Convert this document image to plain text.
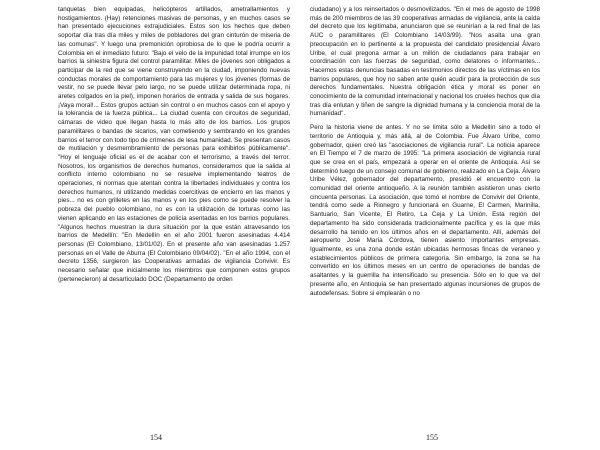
tanquetas bien equipadas, helicópteros artillados, ametrallamientos y hostigamientos. (Hay) retenciones masivas de personas, y en muchos casos se han presentado ejecuciones extrajudiciales. Estos son los hechos que deben soportar día tras día miles y miles de pobladores del gran cinturón de miseria de las comunas". Y luego una premonición oprobiosa de lo que le podría ocurrir a Colombia en el inmediato futuro: "Bajo el velo de la impunidad total irrumpe en los barrios la siniestra figura del control paramilitar. Miles de jóvenes son obligados a participar de la red que se viene construyendo en la ciudad, imponiendo nuevas conductas morales de comportamiento para las mujeres y los jóvenes (formas de vestir, no se puede llevar pelo largo, no se puede utilizar determinada ropa, ni aretes colgados en la piel), imponen horarios de entrada y salida de sus hogares. ¡Vaya moral!... Estos grupos actúan sin control o en muchos casos con el apoyo y la tolerancia de la fuerza pública... La ciudad cuenta con circuitos de seguridad, cámaras de video que llegan hasta lo más alto de los barrios. Los grupos paramilitares o bandas de sicarios, van cometiendo y sembrando en los grandes barrios el terror con todo tipo de crímenes de lesa humanidad. Se presentan casos de mutilación y desmembramiento de personas para exhibirlos públicamente". "Hoy el lenguaje oficial es el de acabar con el terrorismo, a través del terror. Nosotros, los organismos de derechos humanos, consideramos que la salida al conflicto interno colombiano no se resuelve implementando teatros de operaciones, ni normas que atentan contra la libertades individuales y contra los derechos humanos, ni utilizando medidas coercitivas de encierro en las manos y pies... no es con grilletes en las manos y en los pies como se puede resolver la pobreza del pueblo colombiano, no es con la utilización de torturas como las vienen aplicando en las estaciones de policía asentadas en los barrios populares. "Algunos hechos muestran la dura situación por la que están atravesando los barrios de Medellín: "En Medellín en el año 2001 fueron asesinadas 4.414 personas (El Colombiano, 13/01/02). En el presente año van asesinadas 1.257 personas en el Valle de Aburra (El Colombiano 09/04/02). "En el año 1994, con el decreto 1356, surgieron las Cooperativas armadas de vigilancia Convivir. Es necesario señalar que inicialmente los miembros que componen estos grupos (pertenecieron) al desarticulado DOC (Departamento de orden

154

ciudadano) y a los reinsertados o desmovilizados. "En el mes de agosto de 1998 más de 200 miembros de las 39 cooperativas armadas de vigilancia, ante la caída del decreto que los legitimaba, anunciaron que se reunirían a la red final de las AUC o paramilitares (El Colombiano 14/03/99). "Nos asalta una gran preocupación en lo pertinente a la propuesta del candidato presidencial Álvaro Uribe, el cual pregona armar a un millón de ciudadanos para trabajar en coordinación con las fuerzas de seguridad, como delatores o informantes... Hacemos estas denuncias basadas en testimonios directos de las víctimas en los barrios populares, que hoy no saben ante quién acudir para la protección de sus derechos fundamentales. Nuestra obligación ética y moral es poner en conocimiento de la comunidad internacional y nacional los crueles hechos que día tras día enlutan y tiñen de sangre la dignidad humana y la conciencia moral de la humanidad".

Pero la historia viene de antes. Y no se limita sólo a Medellín sino a todo el territorio de Antioquia y, más allá, al de Colombia. Fue Álvaro Uribe, como gobernador, quien creó las "asociaciones de vigilancia rural". La noticia aparece en El Tiempo el 7 de marzo de 1995: "La primera asociación de vigilancia rural que se crea en el país, empezará a operar en el oriente de Antioquia. Así se determinó luego de un consejo comunal de gobierno, realizado en La Ceja. Álvaro Uribe Vélez, gobernador del departamento, presidió el encuentro con la comunidad del oriente antioqueño. A la reunión también asistieron unas cierto cincuenta personas. La asociación, que tomó el nombre de Convivir del Oriente, tendrá como sede a Rionegro y funcionará en Guarne, El Carmen, Marinilla, Santuario, San Vicente, El Retiro, La Ceja y La Unión. Esta región del departamento ha sido considerada tradicionalmente pacífica y es la que más desarrollo ha tenido en los últimos años en el departamento. Allí, además del aeropuerto José María Córdova, tienen asiento importantes empresas. Igualmente, es una zona donde están ubicadas hermosas fincas de veraneo y establecimientos públicos de primera categoría. Sin embargo, la zona se ha convertido en los últimos meses en un centro de operaciones de bandas de asaltantes y la guerrilla ha intensificado su presencia. Sólo en lo que va del presente año, en Antioquia se han presentado algunas incursiones de grupos de autodefensas. Sobre si emplearán o no

155
